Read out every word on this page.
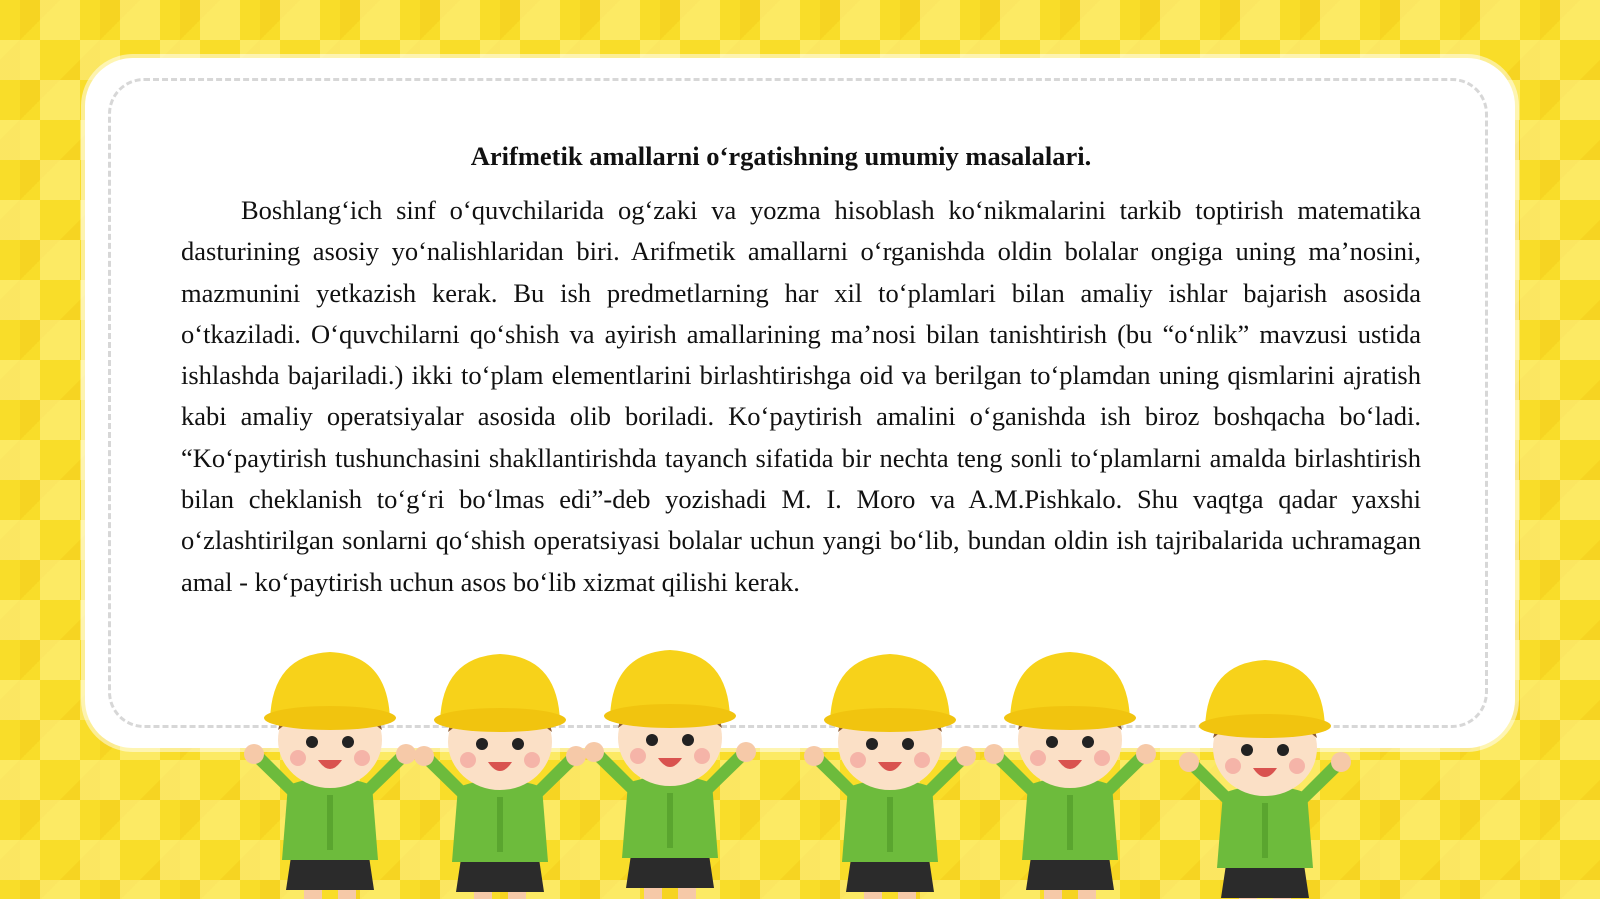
Arifmetik amallarni oʻrgatishning umumiy masalalari.

Boshlangʻich sinf oʻquvchilarida ogʻzaki va yozma hisoblash koʻnikmalarini tarkib toptirish matematika dasturining asosiy yoʻnalishlaridan biri. Arifmetik amallarni oʻrganishda oldin bolalar ongiga uning maʼnosini, mazmunini yetkazish kerak. Bu ish predmetlarning har xil toʻplamlari bilan amaliy ishlar bajarish asosida oʻtkaziladi. Oʻquvchilarni qoʻshish va ayirish amallarining maʼnosi bilan tanishtirish (bu “oʻnlik” mavzusi ustida ishlashda bajariladi.) ikki toʻplam elementlarini birlashtirishga oid va berilgan toʻplamdan uning qismlarini ajratish kabi amaliy operatsiyalar asosida olib boriladi. Koʻpaytirish amalini oʻganishda ish biroz boshqacha boʻladi. “Koʻpaytirish tushunchasini shakllantirishda tayanch sifatida bir nechta teng sonli toʻplamlarni amalda birlashtirish bilan cheklanish toʻgʻri boʻlmas edi”-deb yozishadi M. I. Moro va A.M.Pishkalo. Shu vaqtga qadar yaxshi oʻzlashtirilgan sonlarni qoʻshish operatsiyasi bolalar uchun yangi boʻlib, bundan oldin ish tajribalarida uchramagan amal - koʻpaytirish uchun asos boʻlib xizmat qilishi kerak.
